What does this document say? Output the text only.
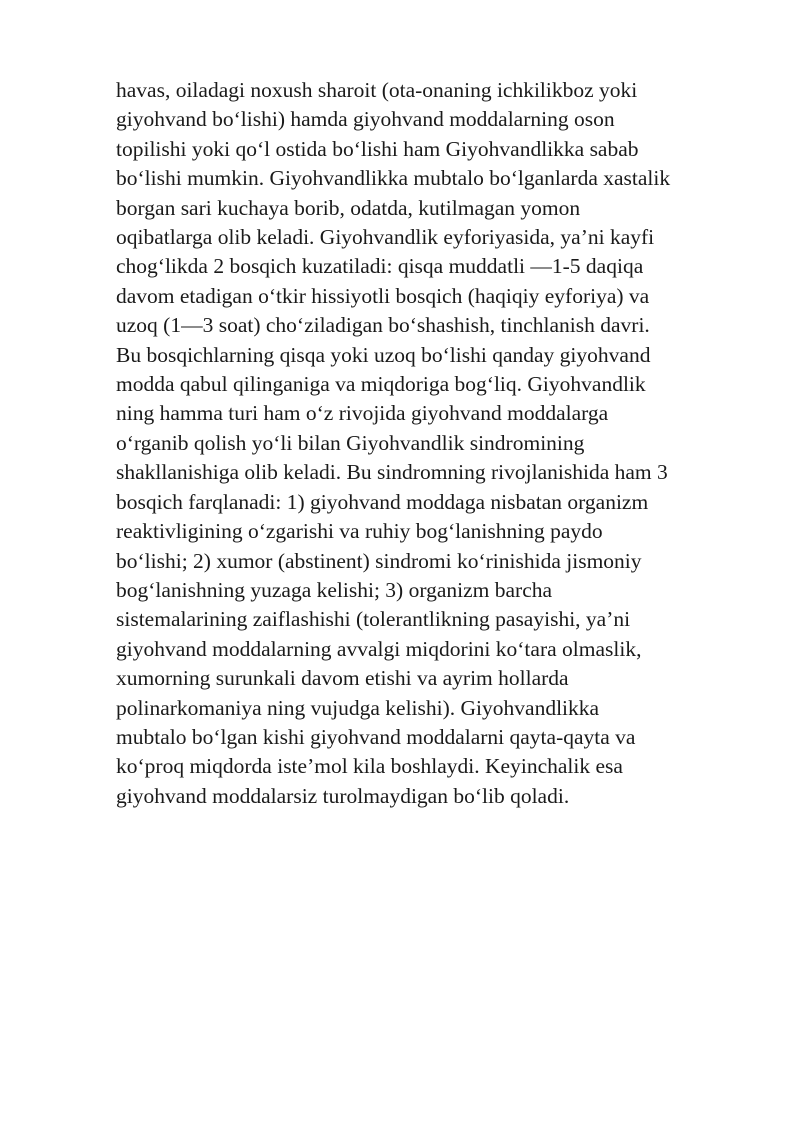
havas, oiladagi noxush sharoit (ota-onaning ichkilikboz yoki
giyohvand bo‘lishi) hamda giyohvand moddalarning oson
topilishi yoki qo‘l ostida bo‘lishi ham Giyohvandlikka sabab
bo‘lishi mumkin. Giyohvandlikka mubtalo bo‘lganlarda xastalik
borgan sari kuchaya borib, odatda, kutilmagan yomon
oqibatlarga olib keladi. Giyohvandlik eyforiyasida, ya’ni kayfi
chog‘likda 2 bosqich kuzatiladi: qisqa muddatli —1-5 daqiqa
davom etadigan o‘tkir hissiyotli bosqich (haqiqiy eyforiya) va
uzoq (1—3 soat) cho‘ziladigan bo‘shashish, tinchlanish davri.
Bu bosqichlarning qisqa yoki uzoq bo‘lishi qanday giyohvand
modda qabul qilinganiga va miqdoriga bog‘liq. Giyohvandlik
ning hamma turi ham o‘z rivojida giyohvand moddalarga
o‘rganib qolish yo‘li bilan Giyohvandlik sindromining
shakllanishiga olib keladi. Bu sindromning rivojlanishida ham 3
bosqich farqlanadi: 1) giyohvand moddaga nisbatan organizm
reaktivligining o‘zgarishi va ruhiy bog‘lanishning paydo
bo‘lishi; 2) xumor (abstinent) sindromi ko‘rinishida jismoniy
bog‘lanishning yuzaga kelishi; 3) organizm barcha
sistemalarining zaiflashishi (tolerantlikning pasayishi, ya’ni
giyohvand moddalarning avvalgi miqdorini ko‘tara olmaslik,
xumorning surunkali davom etishi va ayrim hollarda
polinarkomaniya ning vujudga kelishi). Giyohvandlikka
mubtalo bo‘lgan kishi giyohvand moddalarni qayta-qayta va
ko‘proq miqdorda iste’mol kila boshlaydi. Keyinchalik esa
giyohvand moddalarsiz turolmaydigan bo‘lib qoladi.
